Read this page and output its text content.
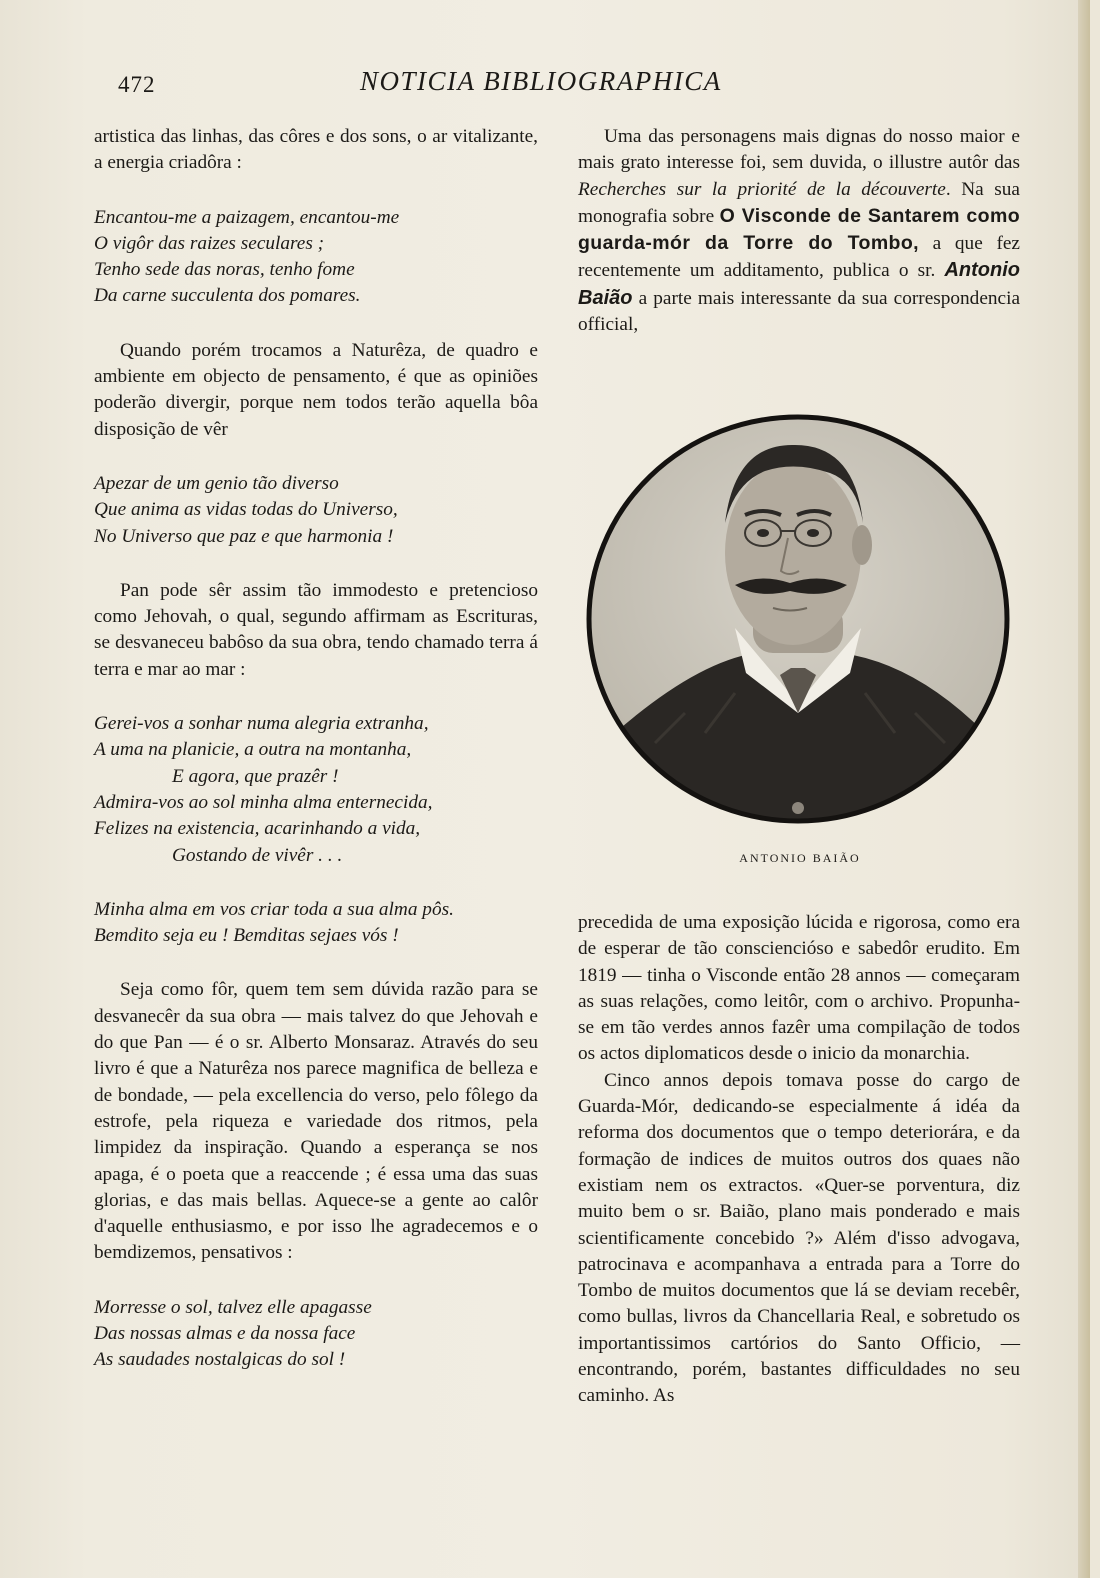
472	NOTICIA BIBLIOGRAPHICA

artistica das linhas, das côres e dos sons, o ar vitalizante, a energia criadôra :

Encantou-me a paizagem, encantou-me

O vigôr das raizes seculares ;

Tenho sede das noras, tenho fome

Da carne succulenta dos pomares.

Quando porém trocamos a Naturêza, de quadro e ambiente em objecto de pensamento, é que as opiniões poderão divergir, porque nem todos terão aquella bôa disposição de vêr

Apezar de um genio tão diverso

Que anima as vidas todas do Universo,

No Universo que paz e que harmonia !

Pan pode sêr assim tão immodesto e pretencioso como Jehovah, o qual, segundo affirmam as Escrituras, se desvaneceu babôso da sua obra, tendo chamado terra á terra e mar ao mar :

Gerei-vos a sonhar numa alegria extranha,

A uma na planicie, a outra na montanha,

E agora, que prazêr !

Admira-vos ao sol minha alma enternecida,

Felizes na existencia, acarinhando a vida,

Gostando de vivêr . . .

Minha alma em vos criar toda a sua alma pôs.

Bemdito seja eu ! Bemditas sejaes vós !

Seja como fôr, quem tem sem dúvida razão para se desvanecêr da sua obra — mais talvez do que Jehovah e do que Pan — é o sr. Alberto Monsaraz. Através do seu livro é que a Naturêza nos parece magnifica de belleza e de bondade, — pela excellencia do verso, pelo fôlego da estrofe, pela riqueza e variedade dos ritmos, pela limpidez da inspiração. Quando a esperança se nos apaga, é o poeta que a reaccende ; é essa uma das suas glorias, e das mais bellas. Aquece-se a gente ao calôr d'aquelle enthusiasmo, e por isso lhe agradecemos e o bemdizemos, pensativos :

Morresse o sol, talvez elle apagasse

Das nossas almas e da nossa face

As saudades nostalgicas do sol !

Uma das personagens mais dignas do nosso maior e mais grato interesse foi, sem duvida, o illustre autôr das Recherches sur la priorité de la découverte. Na sua monografia sobre O Visconde de Santarem como guarda-mór da Torre do Tombo, a que fez recentemente um additamento, publica o sr. Antonio Baião a parte mais interessante da sua correspondencia official,

ANTONIO BAIÃO

precedida de uma exposição lúcida e rigorosa, como era de esperar de tão consciencióso e sabedôr erudito. Em 1819 — tinha o Visconde então 28 annos — começaram as suas relações, como leitôr, com o archivo. Propunha-se em tão verdes annos fazêr uma compilação de todos os actos diplomaticos desde o inicio da monarchia.

Cinco annos depois tomava posse do cargo de Guarda-Mór, dedicando-se especialmente á idéa da reforma dos documentos que o tempo deteriorára, e da formação de indices de muitos outros dos quaes não existiam nem os extractos. «Quer-se porventura, diz muito bem o sr. Baião, plano mais ponderado e mais scientificamente concebido ?» Além d'isso advogava, patrocinava e acompanhava a entrada para a Torre do Tombo de muitos documentos que lá se deviam recebêr, como bullas, livros da Chancellaria Real, e sobretudo os importantissimos cartórios do Santo Officio, — encontrando, porém, bastantes difficuldades no seu caminho. As
